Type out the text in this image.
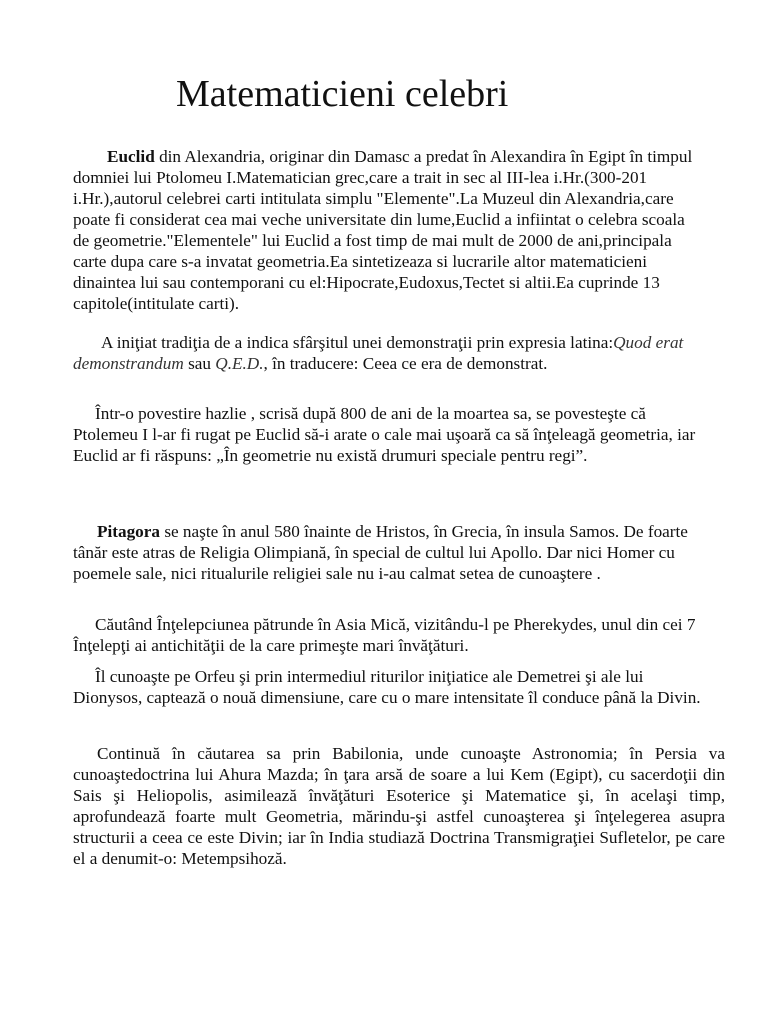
Matematicieni celebri

Euclid din Alexandria, originar din Damasc a predat în Alexandira în Egipt în timpul domniei lui Ptolomeu I.Matematician grec,care a trait in sec al III-lea i.Hr.(300-201 i.Hr.),autorul celebrei carti intitulata simplu "Elemente".La Muzeul din Alexandria,care poate fi considerat cea mai veche universitate din lume,Euclid a infiintat o celebra scoala de geometrie."Elementele" lui Euclid a fost timp de mai mult de 2000 de ani,principala carte dupa care s-a invatat geometria.Ea sintetizeaza si lucrarile altor matematicieni dinaintea lui sau contemporani cu el:Hipocrate,Eudoxus,Tectet si altii.Ea cuprinde 13 capitole(intitulate carti).

A iniţiat tradiţia de a indica sfârşitul unei demonstraţii prin expresia latina:Quod erat demonstrandum sau Q.E.D., în traducere: Ceea ce era de demonstrat.

Într-o povestire hazlie , scrisă după 800 de ani de la moartea sa, se povesteşte că Ptolemeu I l-ar fi rugat pe Euclid să-i arate o cale mai uşoară ca să înţeleagă geometria, iar Euclid ar fi răspuns: „În geometrie nu există drumuri speciale pentru regi”.

Pitagora se naşte în anul 580 înainte de Hristos, în Grecia, în insula Samos. De foarte tânăr este atras de Religia Olimpiană, în special de cultul lui Apollo. Dar nici Homer cu poemele sale, nici ritualurile religiei sale nu i-au calmat setea de cunoaştere .

Căutând Înţelepciunea pătrunde în Asia Mică, vizitându-l pe Pherekydes, unul din cei 7 Înţelepţi ai antichităţii de la care primeşte mari învăţături.

Îl cunoaşte pe Orfeu şi prin intermediul riturilor iniţiatice ale Demetrei şi ale lui Dionysos, captează o nouă dimensiune, care cu o mare intensitate îl conduce până la Divin.

Continuă în căutarea sa prin Babilonia, unde cunoaşte Astronomia; în Persia va cunoaştedoctrina lui Ahura Mazda; în ţara arsă de soare a lui Kem (Egipt), cu sacerdoţii din Sais şi Heliopolis, asimilează învăţături Esoterice şi Matematice şi, în acelaşi timp, aprofundează foarte mult Geometria, mărindu-şi astfel cunoaşterea şi înţelegerea asupra structurii a ceea ce este Divin; iar în India studiază Doctrina Transmigraţiei Sufletelor, pe care el a denumit-o: Metempsihoză.
